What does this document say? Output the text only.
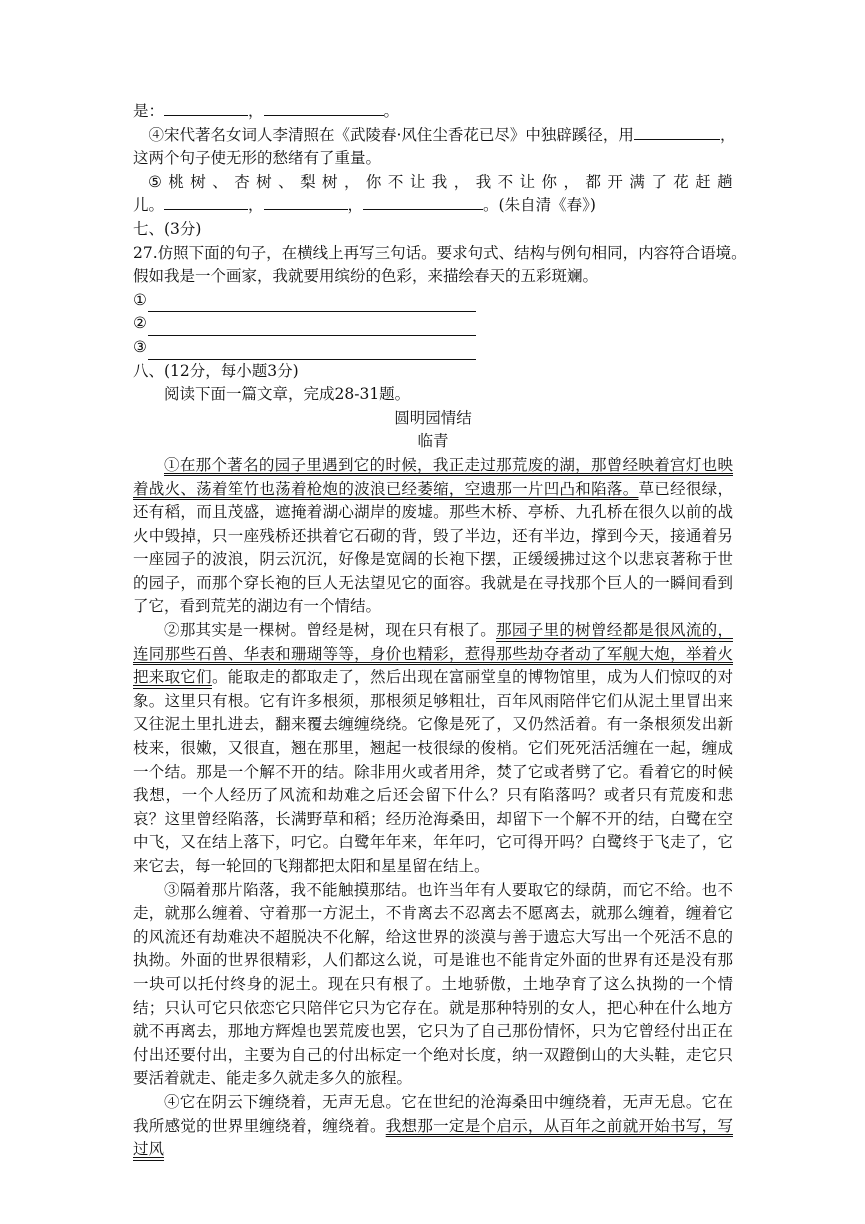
是：	，	。
④宋代著名女词人李清照在《武陵春·风住尘香花已尽》中独辟蹊径，用	，
这两个句子使无形的愁绪有了重量。
⑤ 桃 树 、 杏 树 、 梨 树 ， 你 不 让 我 ， 我 不 让 你 ， 都 开 满 了 花 赶 趟
儿。	，	，	。(朱自清《春》)
七、(3分)
27.仿照下面的句子，在横线上再写三句话。要求句式、结构与例句相同，内容符合语境。
假如我是一个画家，我就要用缤纷的色彩，来描绘春天的五彩斑斓。
①
②
③
八、(12分，每小题3分)
阅读下面一篇文章，完成28-31题。
圆明园情结
临青

①在那个著名的园子里遇到它的时候，我正走过那荒废的湖，那曾经映着宫灯也映着战火、荡着笙竹也荡着枪炮的波浪已经萎缩，空遗那一片凹凸和陷落。草已经很绿，还有稻，而且茂盛，遮掩着湖心湖岸的废墟。那些木桥、亭桥、九孔桥在很久以前的战火中毁掉，只一座残桥还拱着它石砌的背，毁了半边，还有半边，撑到今天，接通着另一座园子的波浪，阴云沉沉，好像是宽阔的长袍下摆，正缓缓拂过这个以悲哀著称于世的园子，而那个穿长袍的巨人无法望见它的面容。我就是在寻找那个巨人的一瞬间看到了它，看到荒芜的湖边有一个情结。

②那其实是一棵树。曾经是树，现在只有根了。那园子里的树曾经都是很风流的，连同那些石兽、华表和珊瑚等等，身价也精彩，惹得那些劫夺者动了军舰大炮，举着火把来取它们。能取走的都取走了，然后出现在富丽堂皇的博物馆里，成为人们惊叹的对象。这里只有根。它有许多根须，那根须足够粗壮，百年风雨陪伴它们从泥土里冒出来又往泥土里扎进去，翻来覆去缠缠绕绕。它像是死了，又仍然活着。有一条根须发出新枝来，很嫩，又很直，翘在那里，翘起一枝很绿的俊梢。它们死死活活缠在一起，缠成一个结。那是一个解不开的结。除非用火或者用斧，焚了它或者劈了它。看着它的时候我想，一个人经历了风流和劫难之后还会留下什么？只有陷落吗？或者只有荒废和悲哀？这里曾经陷落，长满野草和稻；经历沧海桑田，却留下一个解不开的结，白鹭在空中飞，又在结上落下，叼它。白鹭年年来，年年叼，它可得开吗？白鹭终于飞走了，它来它去，每一轮回的飞翔都把太阳和星星留在结上。

③隔着那片陷落，我不能触摸那结。也许当年有人要取它的绿荫，而它不给。也不走，就那么缠着、守着那一方泥土，不肯离去不忍离去不愿离去，就那么缠着，缠着它的风流还有劫难决不超脱决不化解，给这世界的淡漠与善于遗忘大写出一个死活不息的执拗。外面的世界很精彩，人们都这么说，可是谁也不能肯定外面的世界有还是没有那一块可以托付终身的泥土。现在只有根了。土地骄傲，土地孕育了这么执拗的一个情结；只认可它只依恋它只陪伴它只为它存在。就是那种特别的女人，把心种在什么地方就不再离去，那地方辉煌也罢荒废也罢，它只为了自己那份情怀，只为它曾经付出正在付出还要付出，主要为自己的付出标定一个绝对长度，纳一双蹬倒山的大头鞋，走它只要活着就走、能走多久就走多久的旅程。

④它在阴云下缠绕着，无声无息。它在世纪的沧海桑田中缠绕着，无声无息。它在我所感觉的世界里缠绕着，缠绕着。我想那一定是个启示，从百年之前就开始书写，写过风
